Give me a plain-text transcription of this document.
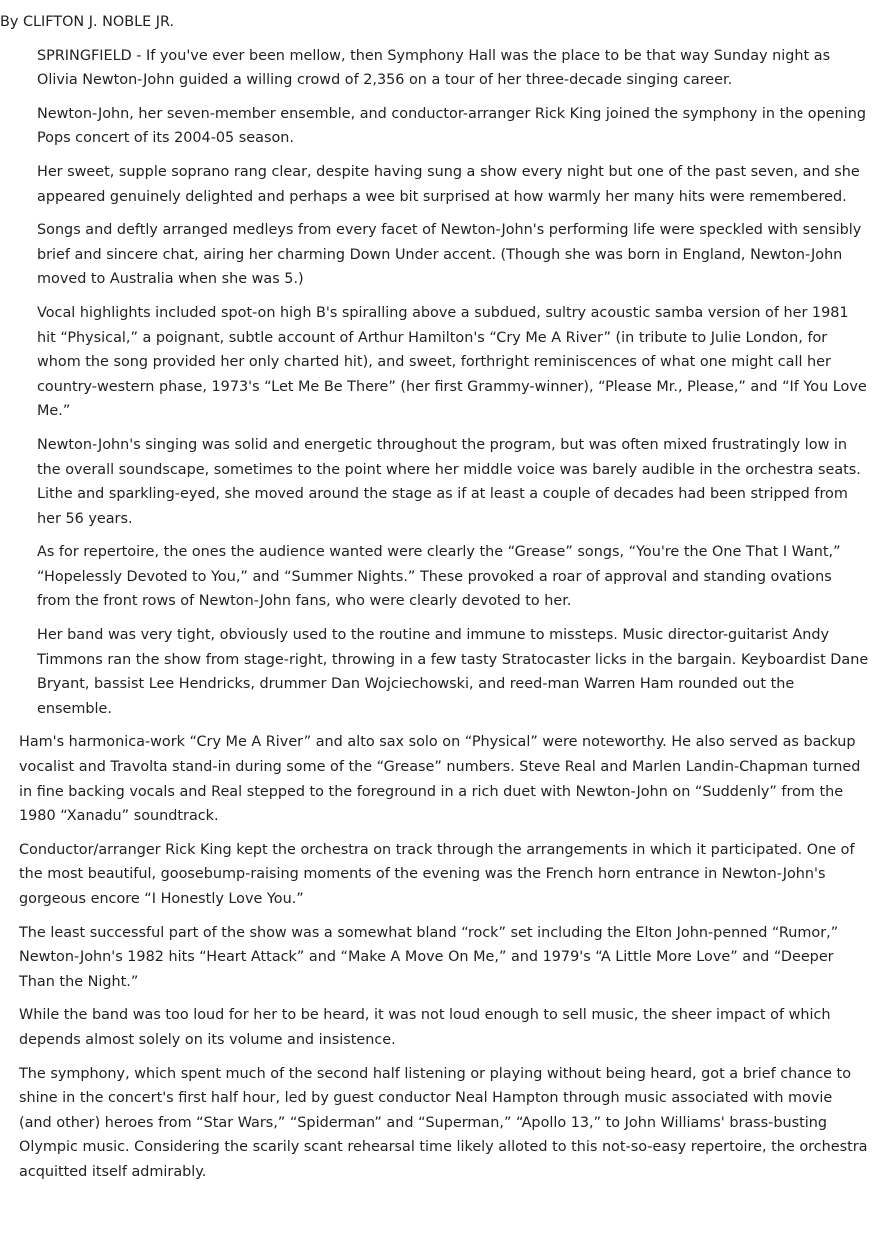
By CLIFTON J. NOBLE JR.

SPRINGFIELD - If you've ever been mellow, then Symphony Hall was the place to be that way Sunday night as Olivia Newton-John guided a willing crowd of 2,356 on a tour of her three-decade singing career.

Newton-John, her seven-member ensemble, and conductor-arranger Rick King joined the symphony in the opening Pops concert of its 2004-05 season.

Her sweet, supple soprano rang clear, despite having sung a show every night but one of the past seven, and she appeared genuinely delighted and perhaps a wee bit surprised at how warmly her many hits were remembered.

Songs and deftly arranged medleys from every facet of Newton-John's performing life were speckled with sensibly brief and sincere chat, airing her charming Down Under accent. (Though she was born in England, Newton-John moved to Australia when she was 5.)

Vocal highlights included spot-on high B's spiralling above a subdued, sultry acoustic samba version of her 1981 hit “Physical,” a poignant, subtle account of Arthur Hamilton's “Cry Me A River” (in tribute to Julie London, for whom the song provided her only charted hit), and sweet, forthright reminiscences of what one might call her country-western phase, 1973's “Let Me Be There” (her first Grammy-winner), “Please Mr., Please,” and “If You Love Me.”

Newton-John's singing was solid and energetic throughout the program, but was often mixed frustratingly low in the overall soundscape, sometimes to the point where her middle voice was barely audible in the orchestra seats. Lithe and sparkling-eyed, she moved around the stage as if at least a couple of decades had been stripped from her 56 years.

As for repertoire, the ones the audience wanted were clearly the “Grease” songs, “You're the One That I Want,” “Hopelessly Devoted to You,” and “Summer Nights.” These provoked a roar of approval and standing ovations from the front rows of Newton-John fans, who were clearly devoted to her.

Her band was very tight, obviously used to the routine and immune to missteps. Music director-guitarist Andy Timmons ran the show from stage-right, throwing in a few tasty Stratocaster licks in the bargain. Keyboardist Dane Bryant, bassist Lee Hendricks, drummer Dan Wojciechowski, and reed-man Warren Ham rounded out the ensemble.

Ham's harmonica-work “Cry Me A River” and alto sax solo on “Physical” were noteworthy. He also served as backup vocalist and Travolta stand-in during some of the “Grease” numbers. Steve Real and Marlen Landin-Chapman turned in fine backing vocals and Real stepped to the foreground in a rich duet with Newton-John on “Suddenly” from the 1980 “Xanadu” soundtrack.

Conductor/arranger Rick King kept the orchestra on track through the arrangements in which it participated. One of the most beautiful, goosebump-raising moments of the evening was the French horn entrance in Newton-John's gorgeous encore “I Honestly Love You.”

The least successful part of the show was a somewhat bland “rock” set including the Elton John-penned “Rumor,” Newton-John's 1982 hits “Heart Attack” and “Make A Move On Me,” and 1979's “A Little More Love” and “Deeper Than the Night.”

While the band was too loud for her to be heard, it was not loud enough to sell music, the sheer impact of which depends almost solely on its volume and insistence.

The symphony, which spent much of the second half listening or playing without being heard, got a brief chance to shine in the concert's first half hour, led by guest conductor Neal Hampton through music associated with movie (and other) heroes from “Star Wars,” “Spiderman” and “Superman,” “Apollo 13,” to John Williams' brass-busting Olympic music. Considering the scarily scant rehearsal time likely alloted to this not-so-easy repertoire, the orchestra acquitted itself admirably.
